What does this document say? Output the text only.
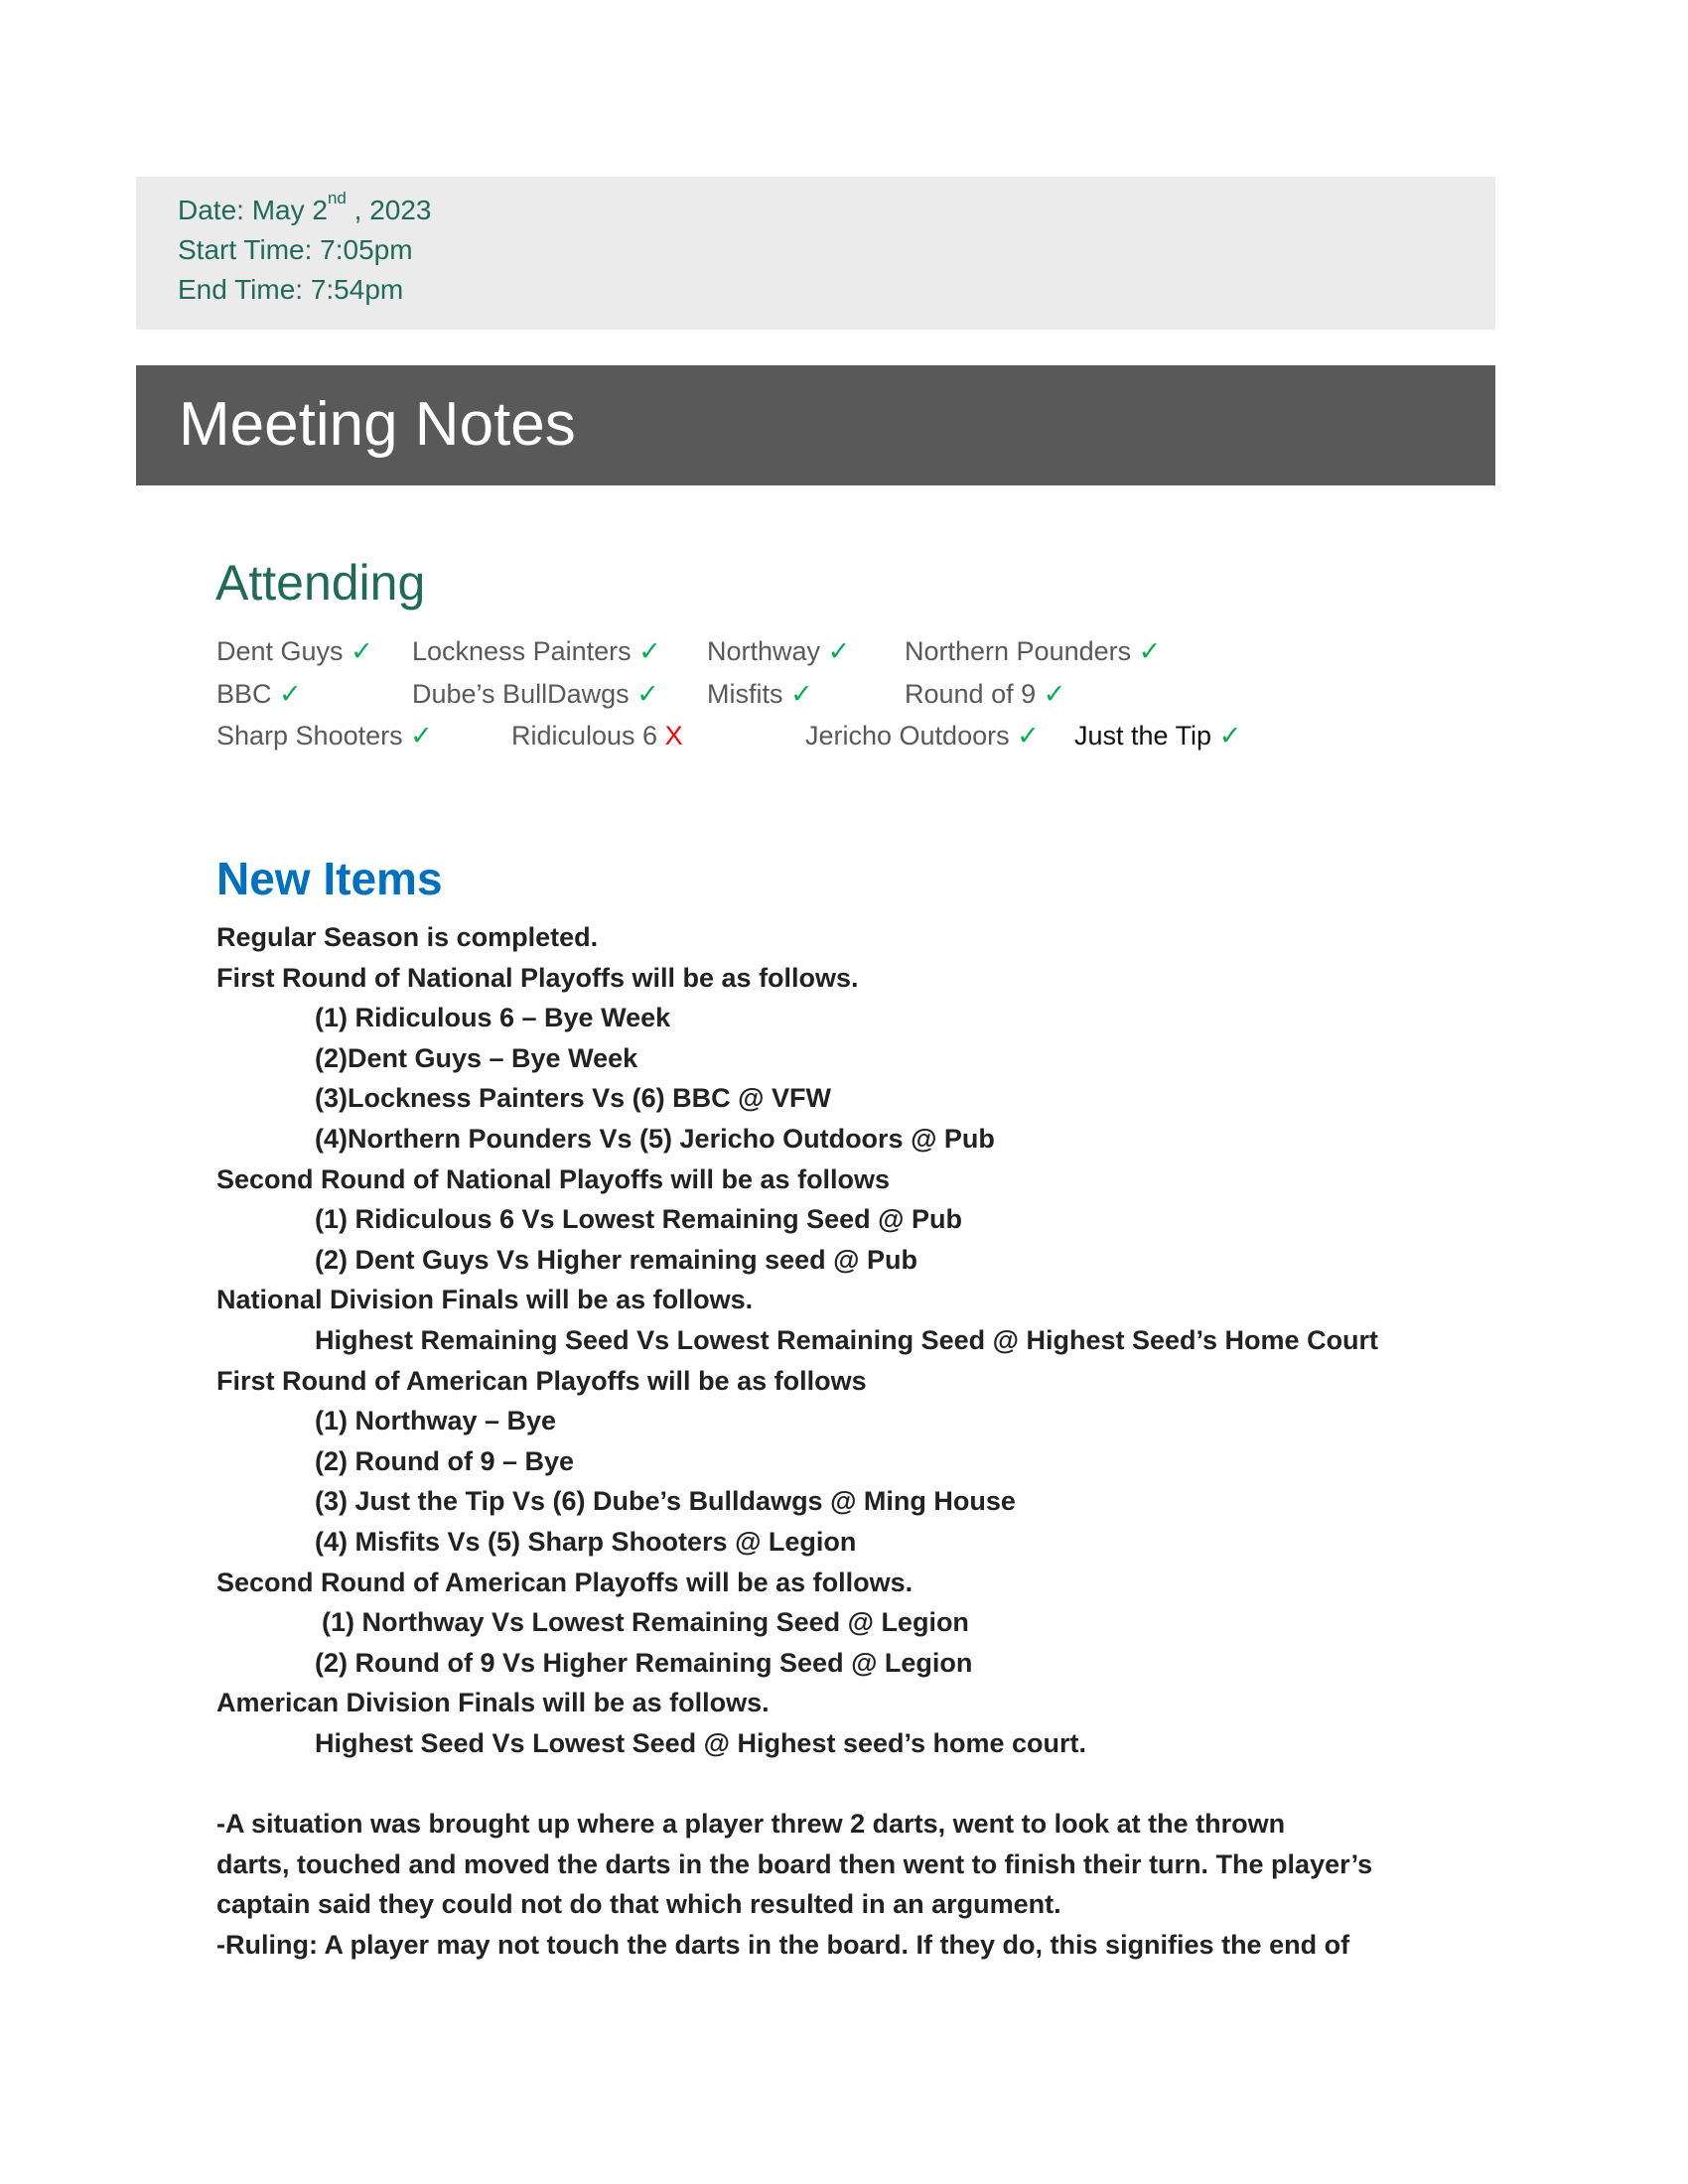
Date: May 2nd , 2023
Start Time: 7:05pm
End Time: 7:54pm
Meeting Notes
Attending
Dent Guys ✓ Lockness Painters ✓ Northway ✓ Northern Pounders ✓
BBC ✓	Dube’s BullDawgs ✓ Misfits ✓	Round of 9 ✓
Sharp Shooters ✓	Ridiculous 6 X	Jericho Outdoors ✓ Just the Tip ✓
New Items
Regular Season is completed.
First Round of National Playoffs will be as follows.
(1) Ridiculous 6 – Bye Week
(2)Dent Guys – Bye Week
(3)Lockness Painters Vs (6) BBC @ VFW
(4)Northern Pounders Vs (5) Jericho Outdoors @ Pub
Second Round of National Playoffs will be as follows
(1) Ridiculous 6 Vs Lowest Remaining Seed @ Pub
(2) Dent Guys Vs Higher remaining seed @ Pub
National Division Finals will be as follows.
Highest Remaining Seed Vs Lowest Remaining Seed @ Highest Seed’s Home Court
First Round of American Playoffs will be as follows
(1) Northway – Bye
(2) Round of 9 – Bye
(3) Just the Tip Vs (6) Dube’s Bulldawgs @ Ming House
(4) Misfits Vs (5) Sharp Shooters @ Legion
Second Round of American Playoffs will be as follows.
(1) Northway Vs Lowest Remaining Seed @ Legion
(2) Round of 9 Vs Higher Remaining Seed @ Legion
American Division Finals will be as follows.
Highest Seed Vs Lowest Seed @ Highest seed’s home court.
-A situation was brought up where a player threw 2 darts, went to look at the thrown
darts, touched and moved the darts in the board then went to finish their turn. The player’s
captain said they could not do that which resulted in an argument.
-Ruling: A player may not touch the darts in the board. If they do, this signifies the end of
